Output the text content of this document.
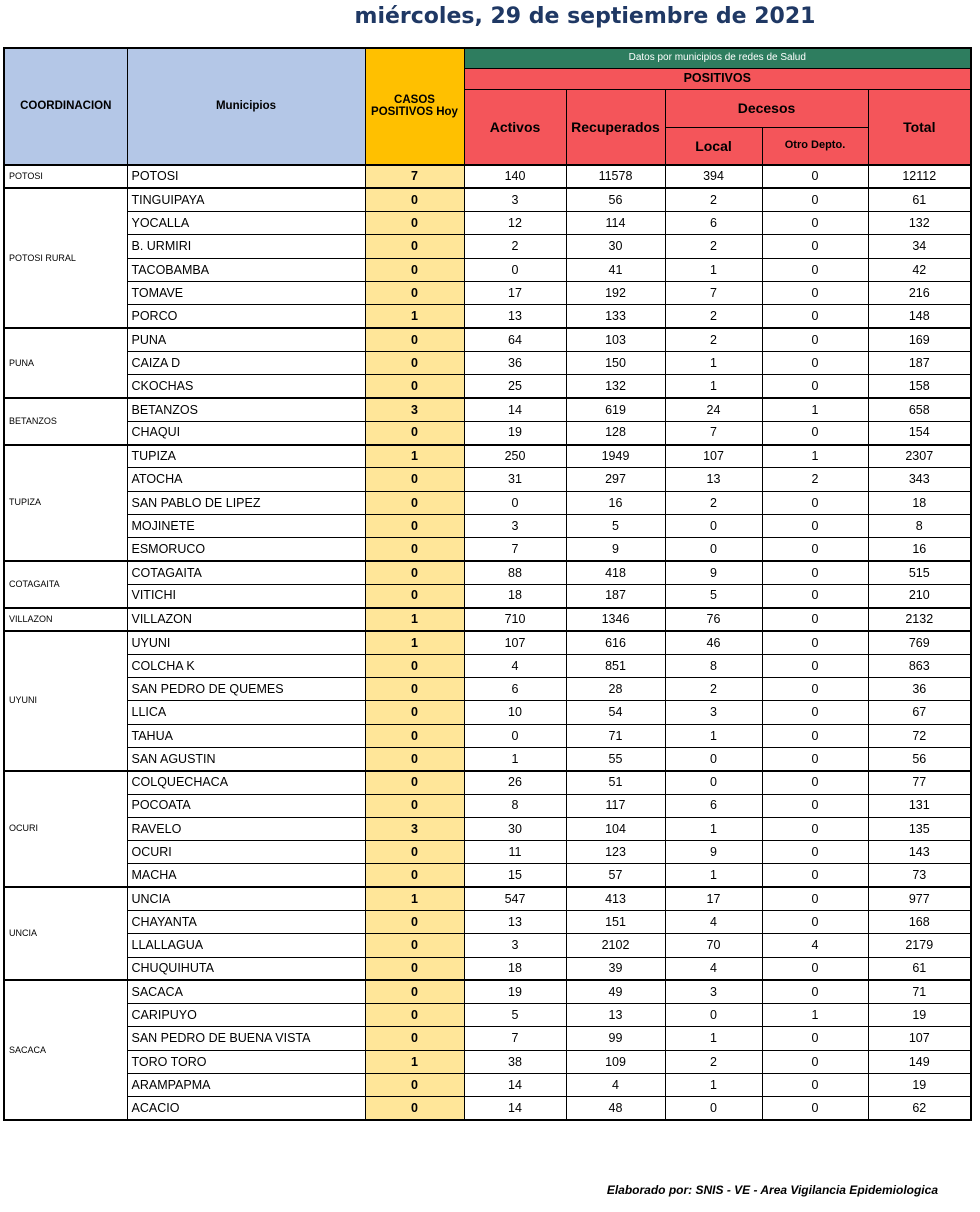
miércoles, 29 de septiembre de 2021
COORDINACION	Municipios	CASOS POSITIVOS Hoy	Datos por municipios de redes de Salud				
			POSITIVOS				
			Activos	Recuperados	Decesos		Total
					Local	Otro Depto.	
POTOSI	POTOSI	7	140	11578	394	0	12112
POTOSI RURAL	TINGUIPAYA	0	3	56	2	0	61
	YOCALLA	0	12	114	6	0	132
	B. URMIRI	0	2	30	2	0	34
	TACOBAMBA	0	0	41	1	0	42
	TOMAVE	0	17	192	7	0	216
	PORCO	1	13	133	2	0	148
PUNA	PUNA	0	64	103	2	0	169
	CAIZA D	0	36	150	1	0	187
	CKOCHAS	0	25	132	1	0	158
BETANZOS	BETANZOS	3	14	619	24	1	658
	CHAQUI	0	19	128	7	0	154
TUPIZA	TUPIZA	1	250	1949	107	1	2307
	ATOCHA	0	31	297	13	2	343
	SAN PABLO DE LIPEZ	0	0	16	2	0	18
	MOJINETE	0	3	5	0	0	8
	ESMORUCO	0	7	9	0	0	16
COTAGAITA	COTAGAITA	0	88	418	9	0	515
	VITICHI	0	18	187	5	0	210
VILLAZON	VILLAZON	1	710	1346	76	0	2132
UYUNI	UYUNI	1	107	616	46	0	769
	COLCHA K	0	4	851	8	0	863
	SAN PEDRO DE QUEMES	0	6	28	2	0	36
	LLICA	0	10	54	3	0	67
	TAHUA	0	0	71	1	0	72
	SAN AGUSTIN	0	1	55	0	0	56
OCURI	COLQUECHACA	0	26	51	0	0	77
	POCOATA	0	8	117	6	0	131
	RAVELO	3	30	104	1	0	135
	OCURI	0	11	123	9	0	143
	MACHA	0	15	57	1	0	73
UNCIA	UNCIA	1	547	413	17	0	977
	CHAYANTA	0	13	151	4	0	168
	LLALLAGUA	0	3	2102	70	4	2179
	CHUQUIHUTA	0	18	39	4	0	61
SACACA	SACACA	0	19	49	3	0	71
	CARIPUYO	0	5	13	0	1	19
	SAN PEDRO DE BUENA VISTA	0	7	99	1	0	107
	TORO TORO	1	38	109	2	0	149
	ARAMPAPMA	0	14	4	1	0	19
	ACACIO	0	14	48	0	0	62
Elaborado por: SNIS - VE - Area Vigilancia Epidemiologica
